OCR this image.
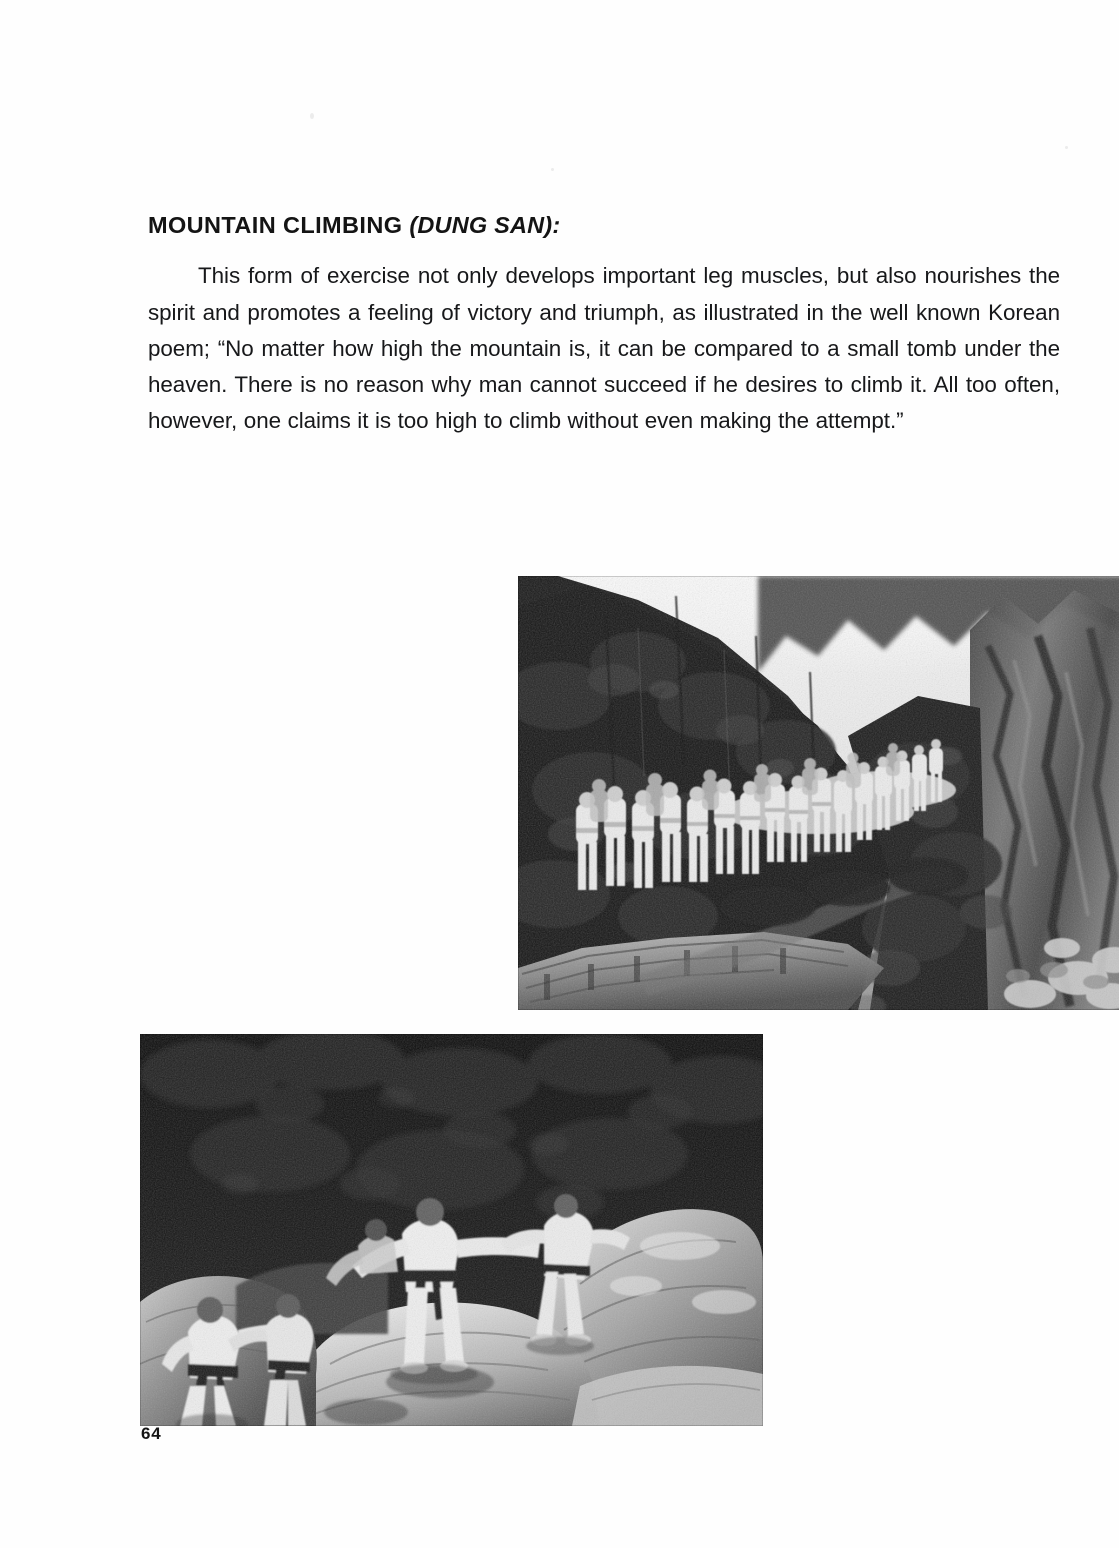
MOUNTAIN CLIMBING (DUNG SAN):

This form of exercise not only develops important leg muscles, but also nourishes the spirit and promotes a feeling of victory and triumph, as illustrated in the well known Korean poem; “No matter how high the mountain is, it can be compared to a small tomb under the heaven. There is no reason why man cannot succeed if he desires to climb it. All too often, however, one claims it is too high to climb without even making the attempt.”

64
